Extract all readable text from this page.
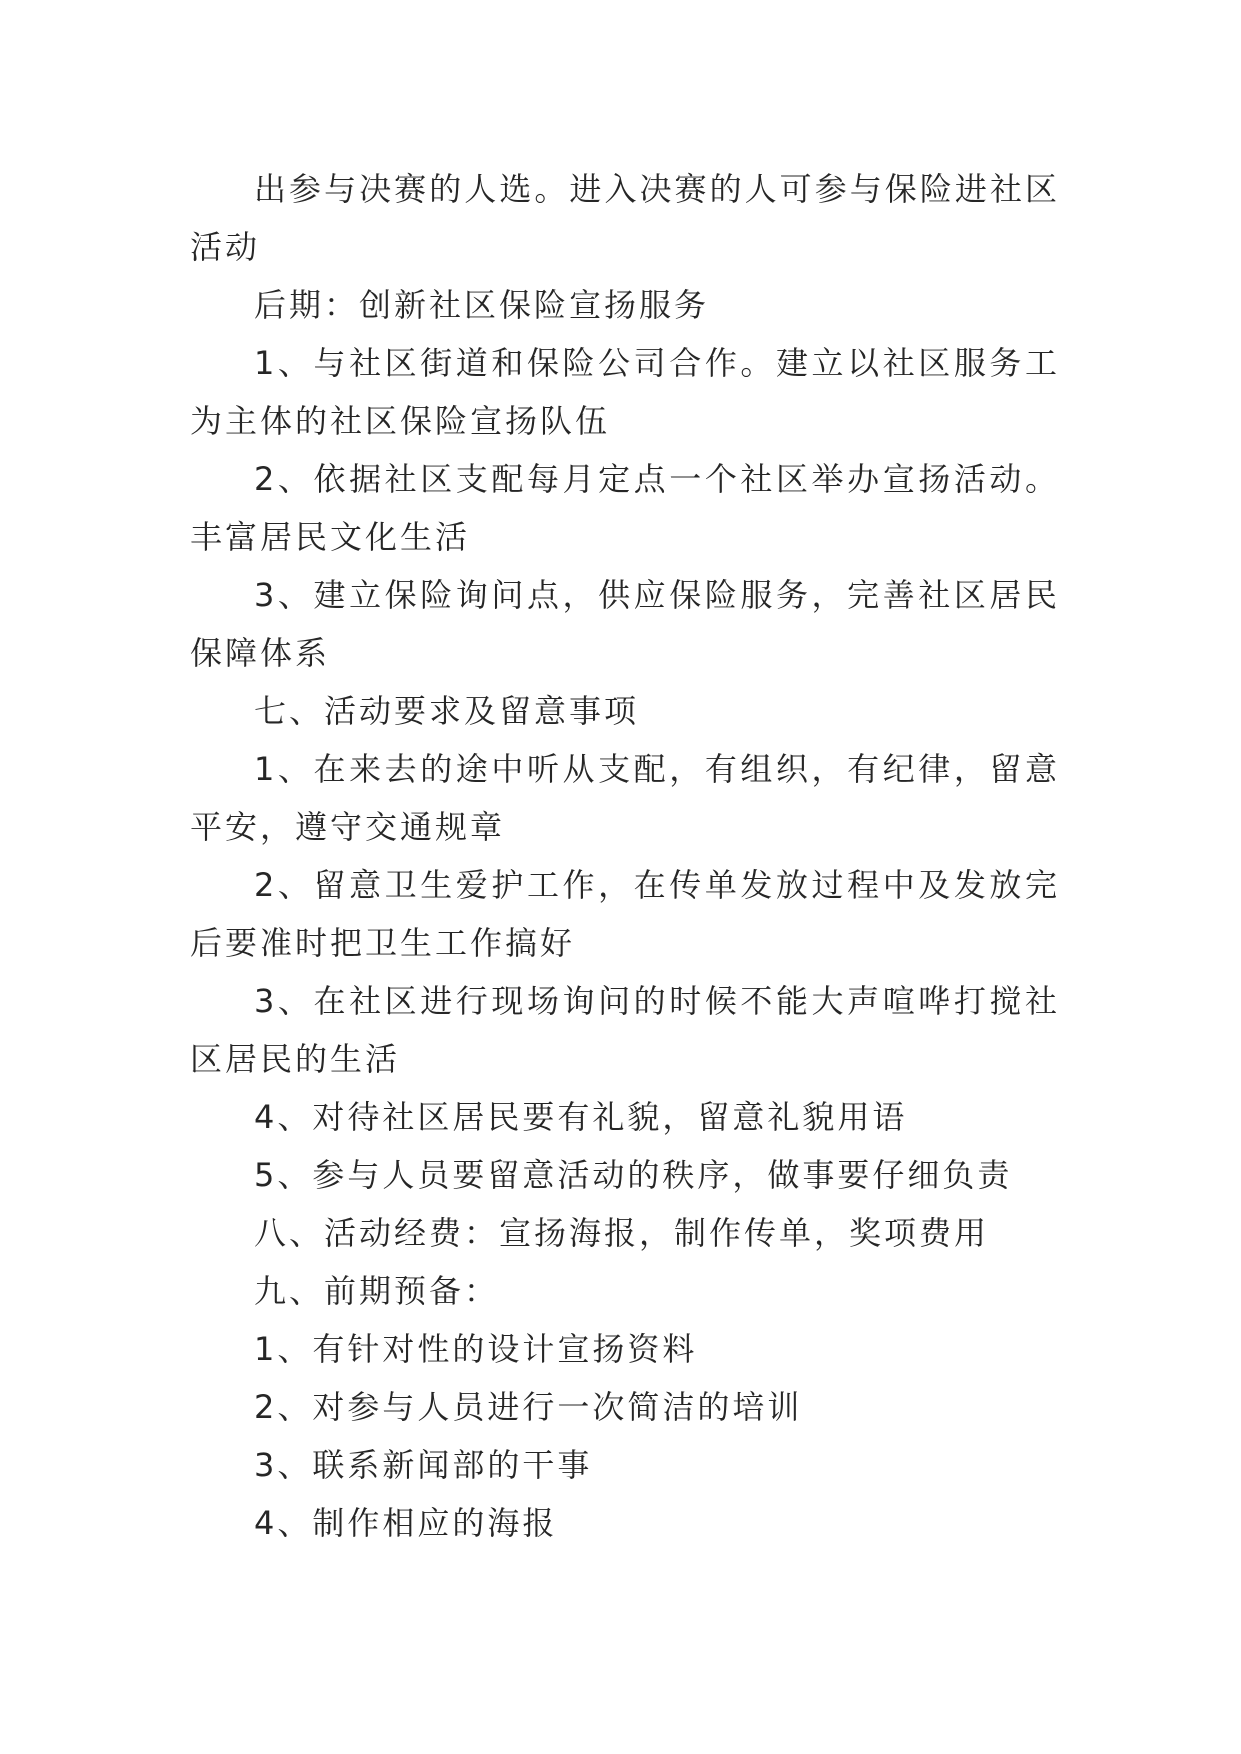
出参与决赛的人选。进入决赛的人可参与保险进社区活动

后期：创新社区保险宣扬服务

1、与社区街道和保险公司合作。建立以社区服务工为主体的社区保险宣扬队伍

2、依据社区支配每月定点一个社区举办宣扬活动。丰富居民文化生活

3、建立保险询问点，供应保险服务，完善社区居民保障体系

七、活动要求及留意事项

1、在来去的途中听从支配，有组织，有纪律，留意平安，遵守交通规章

2、留意卫生爱护工作，在传单发放过程中及发放完后要准时把卫生工作搞好

3、在社区进行现场询问的时候不能大声喧哗打搅社区居民的生活

4、对待社区居民要有礼貌，留意礼貌用语

5、参与人员要留意活动的秩序，做事要仔细负责

八、活动经费：宣扬海报，制作传单，奖项费用

九、前期预备：

1、有针对性的设计宣扬资料

2、对参与人员进行一次简洁的培训

3、联系新闻部的干事

4、制作相应的海报
